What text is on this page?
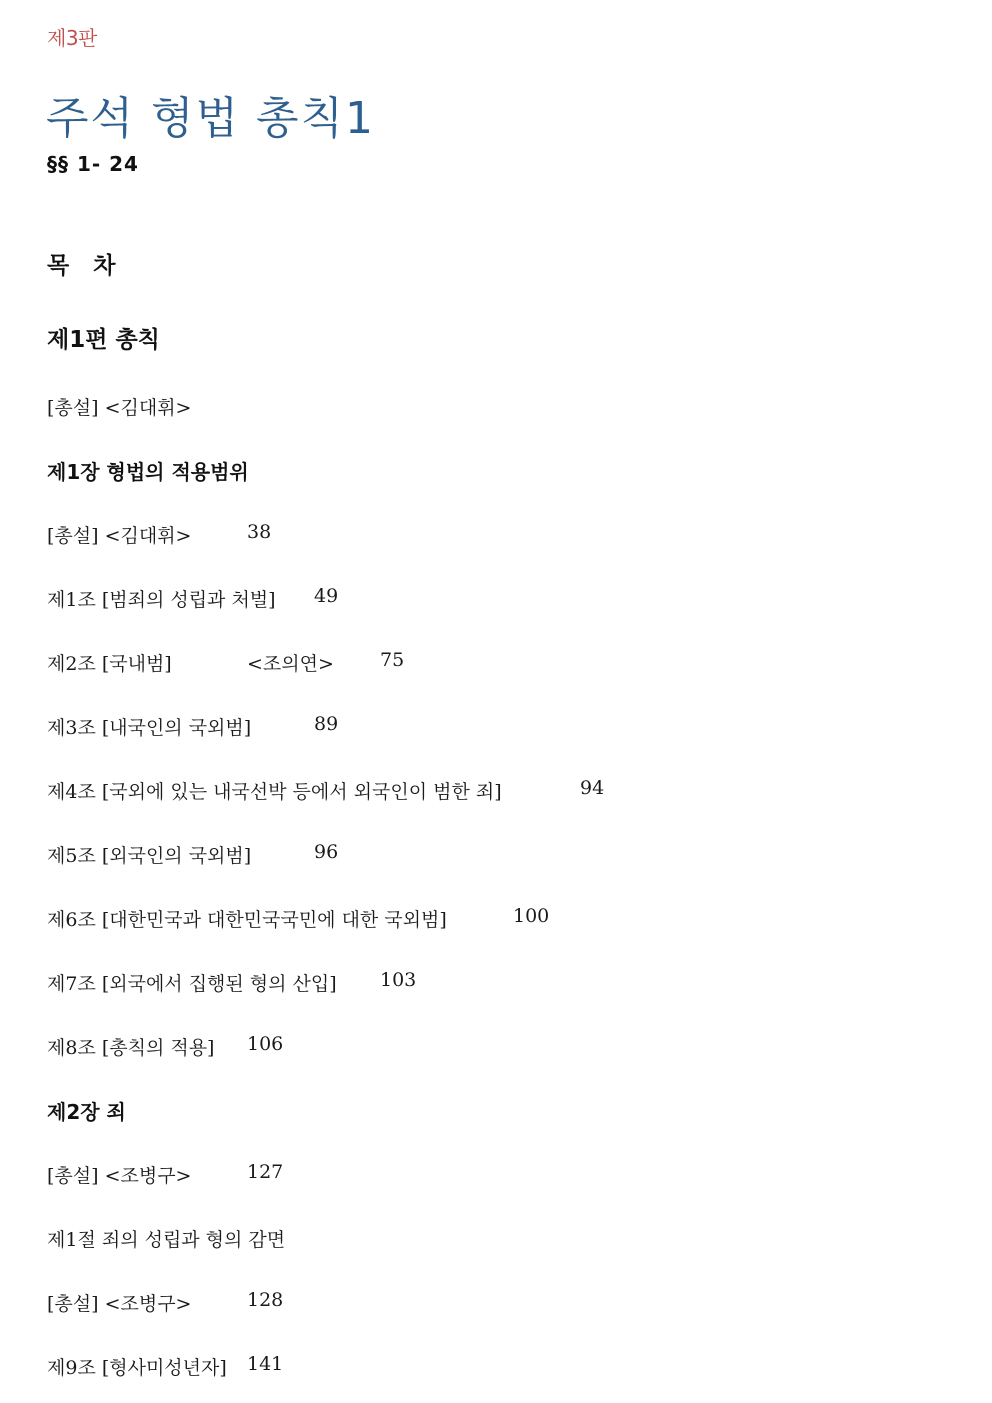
제3판
주석 형법 총칙1
§§ 1- 24
목 차
제1편 총칙
[총설] <김대휘>
제1장 형법의 적용범위
[총설] <김대휘>	38
제1조 [범죄의 성립과 처벌] 49
제2조 [국내범]	<조의연> 75
제3조 [내국인의 국외범]	89
제4조 [국외에 있는 내국선박 등에서 외국인이 범한 죄]	94
제5조 [외국인의 국외범]	96
제6조 [대한민국과 대한민국국민에 대한 국외범]	100
제7조 [외국에서 집행된 형의 산입] 103
제8조 [총칙의 적용] 106
제2장 죄
[총설] <조병구>	127
제1절 죄의 성립과 형의 감면
[총설] <조병구>	128
제9조 [형사미성년자] 141
